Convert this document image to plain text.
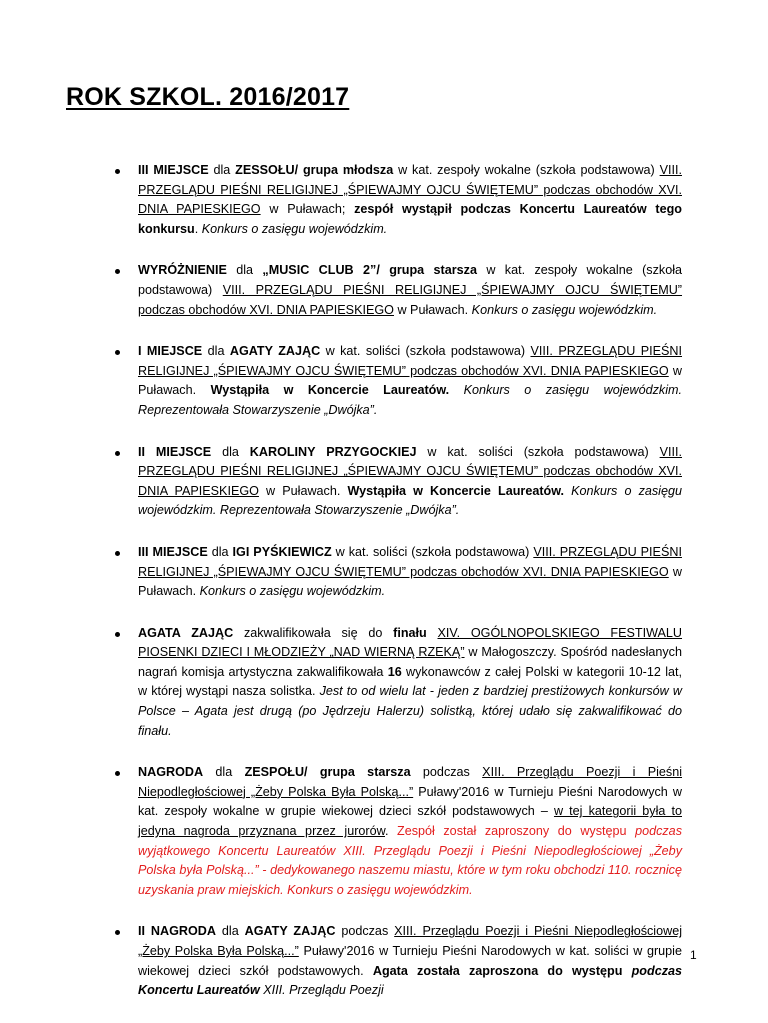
ROK SZKOL. 2016/2017
III MIEJSCE dla ZESSOŁU/ grupa młodsza w kat. zespoły wokalne (szkoła podstawowa) VIII. PRZEGLĄDU PIEŚNI RELIGIJNEJ „ŚPIEWAJMY OJCU ŚWIĘTEMU” podczas obchodów XVI. DNIA PAPIESKIEGO w Puławach; zespół wystąpił podczas Koncertu Laureatów tego konkursu. Konkurs o zasięgu wojewódzkim.
WYRÓŻNIENIE dla „MUSIC CLUB 2”/ grupa starsza w kat. zespoły wokalne (szkoła podstawowa) VIII. PRZEGLĄDU PIEŚNI RELIGIJNEJ „ŚPIEWAJMY OJCU ŚWIĘTEMU” podczas obchodów XVI. DNIA PAPIESKIEGO w Puławach. Konkurs o zasięgu wojewódzkim.
I MIEJSCE dla AGATY ZAJĄC w kat. soliści (szkoła podstawowa) VIII. PRZEGLĄDU PIEŚNI RELIGIJNEJ „ŚPIEWAJMY OJCU ŚWIĘTEMU” podczas obchodów XVI. DNIA PAPIESKIEGO w Puławach. Wystąpiła w Koncercie Laureatów. Konkurs o zasięgu wojewódzkim. Reprezentowała Stowarzyszenie „Dwójka”.
II MIEJSCE dla KAROLINY PRZYGOCKIEJ w kat. soliści (szkoła podstawowa) VIII. PRZEGLĄDU PIEŚNI RELIGIJNEJ „ŚPIEWAJMY OJCU ŚWIĘTEMU” podczas obchodów XVI. DNIA PAPIESKIEGO w Puławach. Wystąpiła w Koncercie Laureatów. Konkurs o zasięgu wojewódzkim. Reprezentowała Stowarzyszenie „Dwójka”.
III MIEJSCE dla IGI PYŚKIEWICZ w kat. soliści (szkoła podstawowa) VIII. PRZEGLĄDU PIEŚNI RELIGIJNEJ „ŚPIEWAJMY OJCU ŚWIĘTEMU” podczas obchodów XVI. DNIA PAPIESKIEGO w Puławach. Konkurs o zasięgu wojewódzkim.
AGATA ZAJĄC zakwalifikowała się do finału XIV. OGÓLNOPOLSKIEGO FESTIWALU PIOSENKI DZIECI I MŁODZIEŻY „NAD WIERNĄ RZEKĄ” w Małogoszczy. Spośród nadesłanych nagrań komisja artystyczna zakwalifikowała 16 wykonawców z całej Polski w kategorii 10-12 lat, w której wystąpi nasza solistka. Jest to od wielu lat - jeden z bardziej prestiżowych konkursów w Polsce – Agata jest drugą (po Jędrzeju Halerzu) solistką, której udało się zakwalifikować do finału.
NAGRODA dla ZESPOŁU/ grupa starsza podczas XIII. Przeglądu Poezji i Pieśni Niepodległościowej „Żeby Polska Była Polską...” Puławy'2016 w Turnieju Pieśni Narodowych w kat. zespoły wokalne w grupie wiekowej dzieci szkół podstawowych – w tej kategorii była to jedyna nagroda przyznana przez jurorów. Zespół został zaproszony do występu podczas wyjątkowego Koncertu Laureatów XIII. Przeglądu Poezji i Pieśni Niepodległościowej „Żeby Polska była Polską...” - dedykowanego naszemu miastu, które w tym roku obchodzi 110. rocznicę uzyskania praw miejskich. Konkurs o zasięgu wojewódzkim.
II NAGRODA dla AGATY ZAJĄC podczas XIII. Przeglądu Poezji i Pieśni Niepodległościowej „Żeby Polska Była Polską...” Puławy'2016 w Turnieju Pieśni Narodowych w kat. soliści w grupie wiekowej dzieci szkół podstawowych. Agata została zaproszona do występu podczas Koncertu Laureatów XIII. Przeglądu Poezji
1
